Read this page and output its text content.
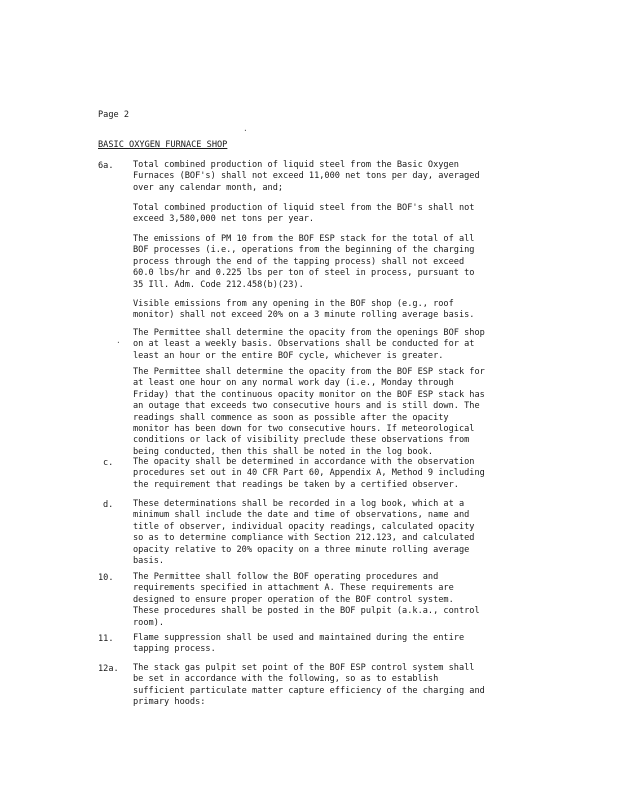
Page 2
BASIC OXYGEN FURNACE SHOP
6a. Total combined production of liquid steel from the Basic Oxygen
Furnaces (BOF's) shall not exceed 11,000 net tons per day, averaged
over any calendar month, and;
Total combined production of liquid steel from the BOF's shall not
exceed 3,580,000 net tons per year.
The emissions of PM 10 from the BOF ESP stack for the total of all
BOF processes (i.e., operations from the beginning of the charging
process through the end of the tapping process) shall not exceed
60.0 lbs/hr and 0.225 lbs per ton of steel in process, pursuant to
35 Ill. Adm. Code 212.458(b)(23).
Visible emissions from any opening in the BOF shop (e.g., roof
monitor) shall not exceed 20% on a 3 minute rolling average basis.
The Permittee shall determine the opacity from the openings BOF shop
on at least a weekly basis. Observations shall be conducted for at
least an hour or the entire BOF cycle, whichever is greater.
The Permittee shall determine the opacity from the BOF ESP stack for
at least one hour on any normal work day (i.e., Monday through
Friday) that the continuous opacity monitor on the BOF ESP stack has
an outage that exceeds two consecutive hours and is still down. The
readings shall commence as soon as possible after the opacity
monitor has been down for two consecutive hours. If meteorological
conditions or lack of visibility preclude these observations from
being conducted, then this shall be noted in the log book.
c. The opacity shall be determined in accordance with the observation
procedures set out in 40 CFR Part 60, Appendix A, Method 9 including
the requirement that readings be taken by a certified observer.
d. These determinations shall be recorded in a log book, which at a
minimum shall include the date and time of observations, name and
title of observer, individual opacity readings, calculated opacity
so as to determine compliance with Section 212.123, and calculated
opacity relative to 20% opacity on a three minute rolling average
basis.
10. The Permittee shall follow the BOF operating procedures and
requirements specified in attachment A. These requirements are
designed to ensure proper operation of the BOF control system.
These procedures shall be posted in the BOF pulpit (a.k.a., control
room).
11. Flame suppression shall be used and maintained during the entire
tapping process.
12a. The stack gas pulpit set point of the BOF ESP control system shall
be set in accordance with the following, so as to establish
sufficient particulate matter capture efficiency of the charging and
primary hoods:
·
·
